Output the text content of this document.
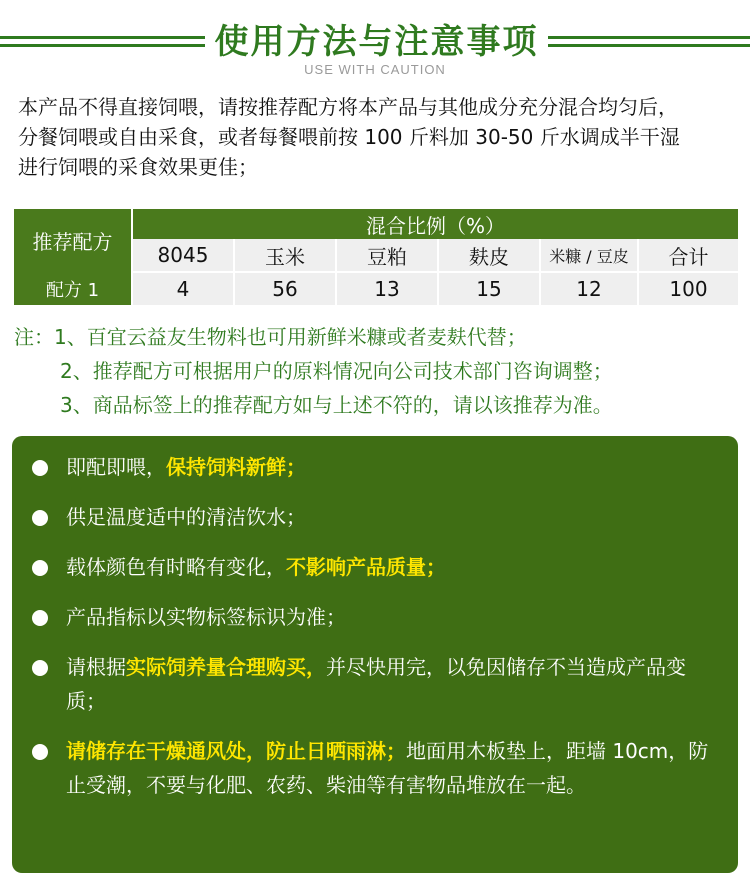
使用方法与注意事项
USE WITH CAUTION

本产品不得直接饲喂，请按推荐配方将本产品与其他成分充分混合均匀后，

分餐饲喂或自由采食，或者每餐喂前按 100 斤料加 30-50 斤水调成半干湿

进行饲喂的采食效果更佳；

推荐配方	混合比例（%）					
	8045	玉米	豆粕	麸皮	米糠 / 豆皮	合计
配方 1	4	56	13	15	12	100

注：1、百宜云益友生物料也可用新鲜米糠或者麦麸代替；

2、推荐配方可根据用户的原料情况向公司技术部门咨询调整；

3、商品标签上的推荐配方如与上述不符的，请以该推荐为准。

即配即喂，保持饲料新鲜；
供足温度适中的清洁饮水；
载体颜色有时略有变化，不影响产品质量；
产品指标以实物标签标识为准；
请根据实际饲养量合理购买，并尽快用完，以免因储存不当造成产品变质；
请储存在干燥通风处，防止日晒雨淋；地面用木板垫上，距墙 10cm，防止受潮，不要与化肥、农药、柴油等有害物品堆放在一起。
